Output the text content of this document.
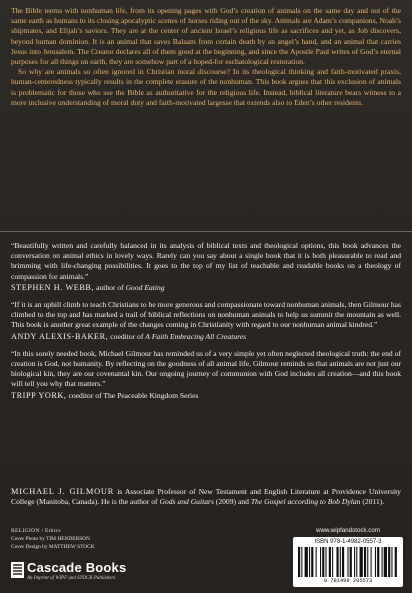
The Bible teems with nonhuman life, from its opening pages with God’s creation of animals on the same day and out of the same earth as humans to its closing apocalyptic scenes of horses riding out of the sky. Animals are Adam’s companions, Noah’s shipmates, and Elijah’s saviors. They are at the center of ancient Israel’s religious life as sacrifices and yet, as Job discovers, beyond human dominion. It is an animal that saves Balaam from certain death by an angel’s hand, and an animal that carries Jesus into Jerusalem. The Creator declares all of them good at the beginning, and since the Apostle Paul writes of God’s eternal purposes for all things on earth, they are somehow part of a hoped-for eschatological restoration.

So why are animals so often ignored in Christian moral discourse? In its theological thinking and faith-motivated praxis, human-centeredness typically results in the complete erasure of the nonhuman. This book argues that this exclusion of animals is problematic for those who see the Bible as authoritative for the religious life. Instead, biblical literature bears witness to a more inclusive understanding of moral duty and faith-motivated largesse that extends also to Eden’s other residents.

“Beautifully written and carefully balanced in its analysis of biblical texts and theological options, this book advances the conversation on animal ethics in lovely ways. Rarely can you say about a single book that it is both pleasurable to read and brimming with life-changing possibilities. It goes to the top of my list of teachable and readable books on a theology of compassion for animals.”

STEPHEN H. WEBB, author of Good Eating

“If it is an uphill climb to teach Christians to be more generous and compassionate toward nonhuman animals, then Gilmour has climbed to the top and has marked a trail of biblical reflections on nonhuman animals to help us summit the mountain as well. This book is another great example of the changes coming in Christianity with regard to our nonhuman animal kindred.”

ANDY ALEXIS-BAKER, coeditor of A Faith Embracing All Creatures

“In this sorely needed book, Michael Gilmour has reminded us of a very simple yet often neglected theological truth: the end of creation is God, not humanity. By reflecting on the goodness of all animal life, Gilmour reminds us that animals are not just our biological kin, they are our covenantal kin. Our ongoing journey of communion with God includes all creation—and this book will tell you why that matters.”

TRIPP YORK, coeditor of The Peaceable Kingdom Series
MICHAEL J. GILMOUR is Associate Professor of New Testament and English Literature at Providence University College (Manitoba, Canada). He is the author of Gods and Guitars (2009) and The Gospel according to Bob Dylan (2011).
RELIGION / Ethics
Cover Photo by TIM HENDERSON
Cover Design by MATTHEW STOCK
Cascade Books
An Imprint of WIPF and STOCK Publishers
www.wipfandstock.com
ISBN 978-1-4982-0557-3
9 781498 205573
